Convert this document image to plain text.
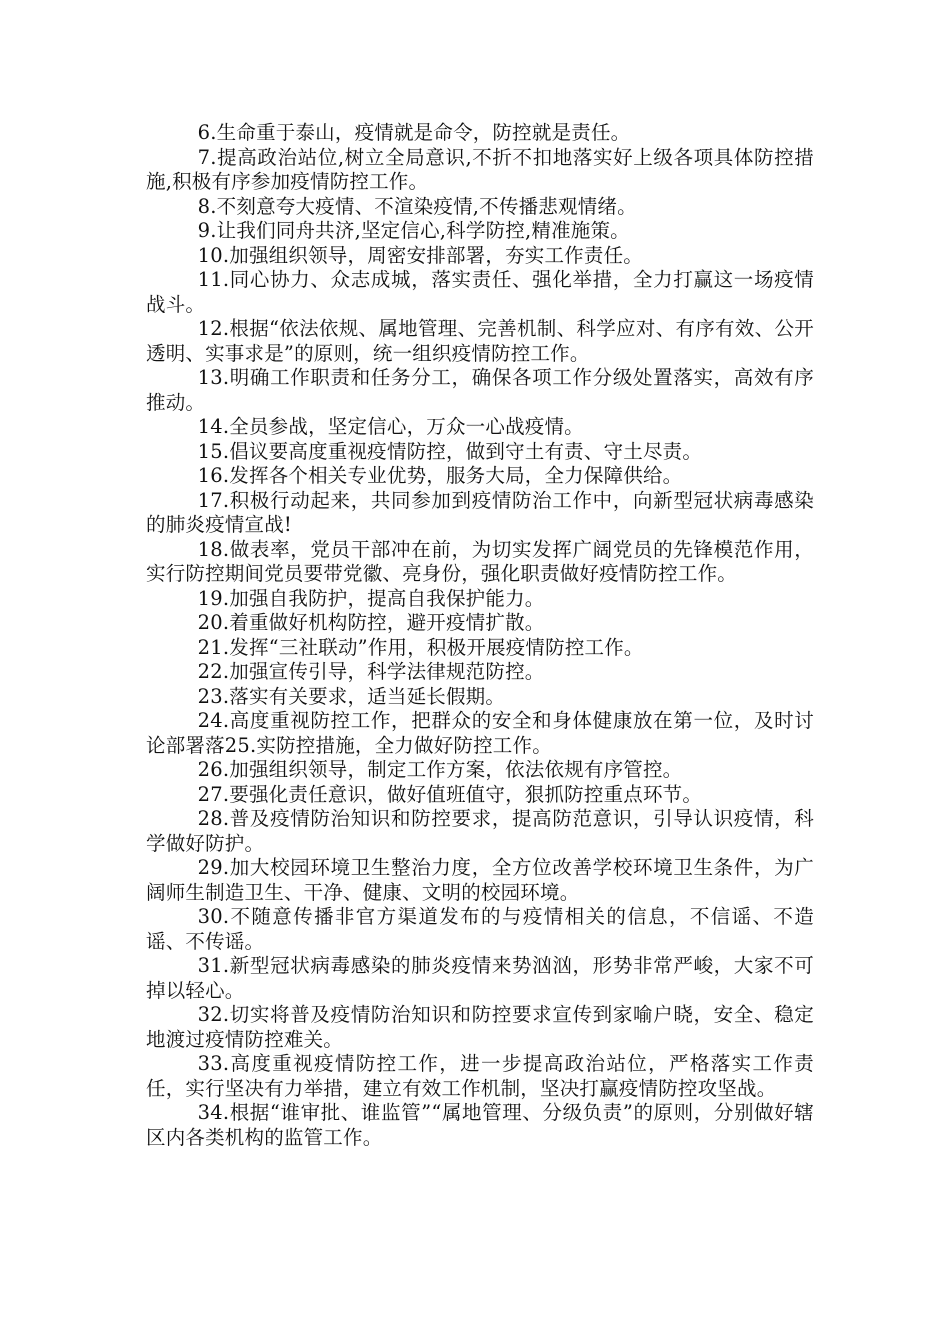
6.生命重于泰山，疫情就是命令，防控就是责任。

7.提高政治站位,树立全局意识,不折不扣地落实好上级各项具体防控措施,积极有序参加疫情防控工作。

8.不刻意夸大疫情、不渲染疫情,不传播悲观情绪。

9.让我们同舟共济,坚定信心,科学防控,精准施策。

10.加强组织领导，周密安排部署，夯实工作责任。

11.同心协力、众志成城，落实责任、强化举措，全力打赢这一场疫情战斗。

12.根据“依法依规、属地管理、完善机制、科学应对、有序有效、公开透明、实事求是”的原则，统一组织疫情防控工作。

13.明确工作职责和任务分工，确保各项工作分级处置落实，高效有序推动。

14.全员参战，坚定信心，万众一心战疫情。

15.倡议要高度重视疫情防控，做到守土有责、守土尽责。

16.发挥各个相关专业优势，服务大局，全力保障供给。

17.积极行动起来，共同参加到疫情防治工作中，向新型冠状病毒感染的肺炎疫情宣战!

18.做表率，党员干部冲在前，为切实发挥广阔党员的先锋模范作用，实行防控期间党员要带党徽、亮身份，强化职责做好疫情防控工作。

19.加强自我防护，提高自我保护能力。

20.着重做好机构防控，避开疫情扩散。

21.发挥“三社联动”作用，积极开展疫情防控工作。

22.加强宣传引导，科学法律规范防控。

23.落实有关要求，适当延长假期。

24.高度重视防控工作，把群众的安全和身体健康放在第一位，及时讨论部署落25.实防控措施，全力做好防控工作。

26.加强组织领导，制定工作方案，依法依规有序管控。

27.要强化责任意识，做好值班值守，狠抓防控重点环节。

28.普及疫情防治知识和防控要求，提高防范意识，引导认识疫情，科学做好防护。

29.加大校园环境卫生整治力度，全方位改善学校环境卫生条件，为广阔师生制造卫生、干净、健康、文明的校园环境。

30.不随意传播非官方渠道发布的与疫情相关的信息，不信谣、不造谣、不传谣。

31.新型冠状病毒感染的肺炎疫情来势汹汹，形势非常严峻，大家不可掉以轻心。

32.切实将普及疫情防治知识和防控要求宣传到家喻户晓，安全、稳定地渡过疫情防控难关。

33.高度重视疫情防控工作，进一步提高政治站位，严格落实工作责任，实行坚决有力举措，建立有效工作机制，坚决打赢疫情防控攻坚战。

34.根据“谁审批、谁监管”“属地管理、分级负责”的原则，分别做好辖区内各类机构的监管工作。
